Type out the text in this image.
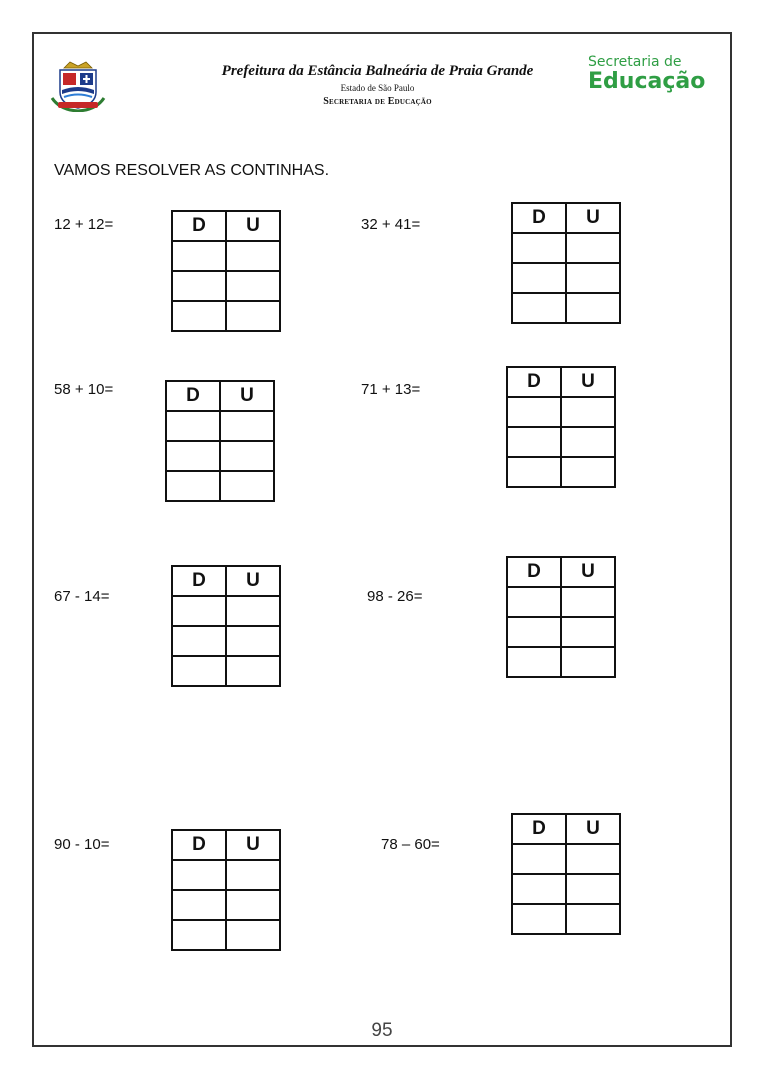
Prefeitura da Estância Balneária de Praia Grande
Estado de São Paulo
Secretaria de Educação
Secretaria de
Educação
VAMOS RESOLVER AS CONTINHAS.
12 + 12=	32 + 41=
58 + 10=	71 + 13=
67 - 14=	98 - 26=
90 - 10=	78 – 60=
D	U

		D	U

D	U

D	U

D	U

		D	U

D	U

D	U

95
